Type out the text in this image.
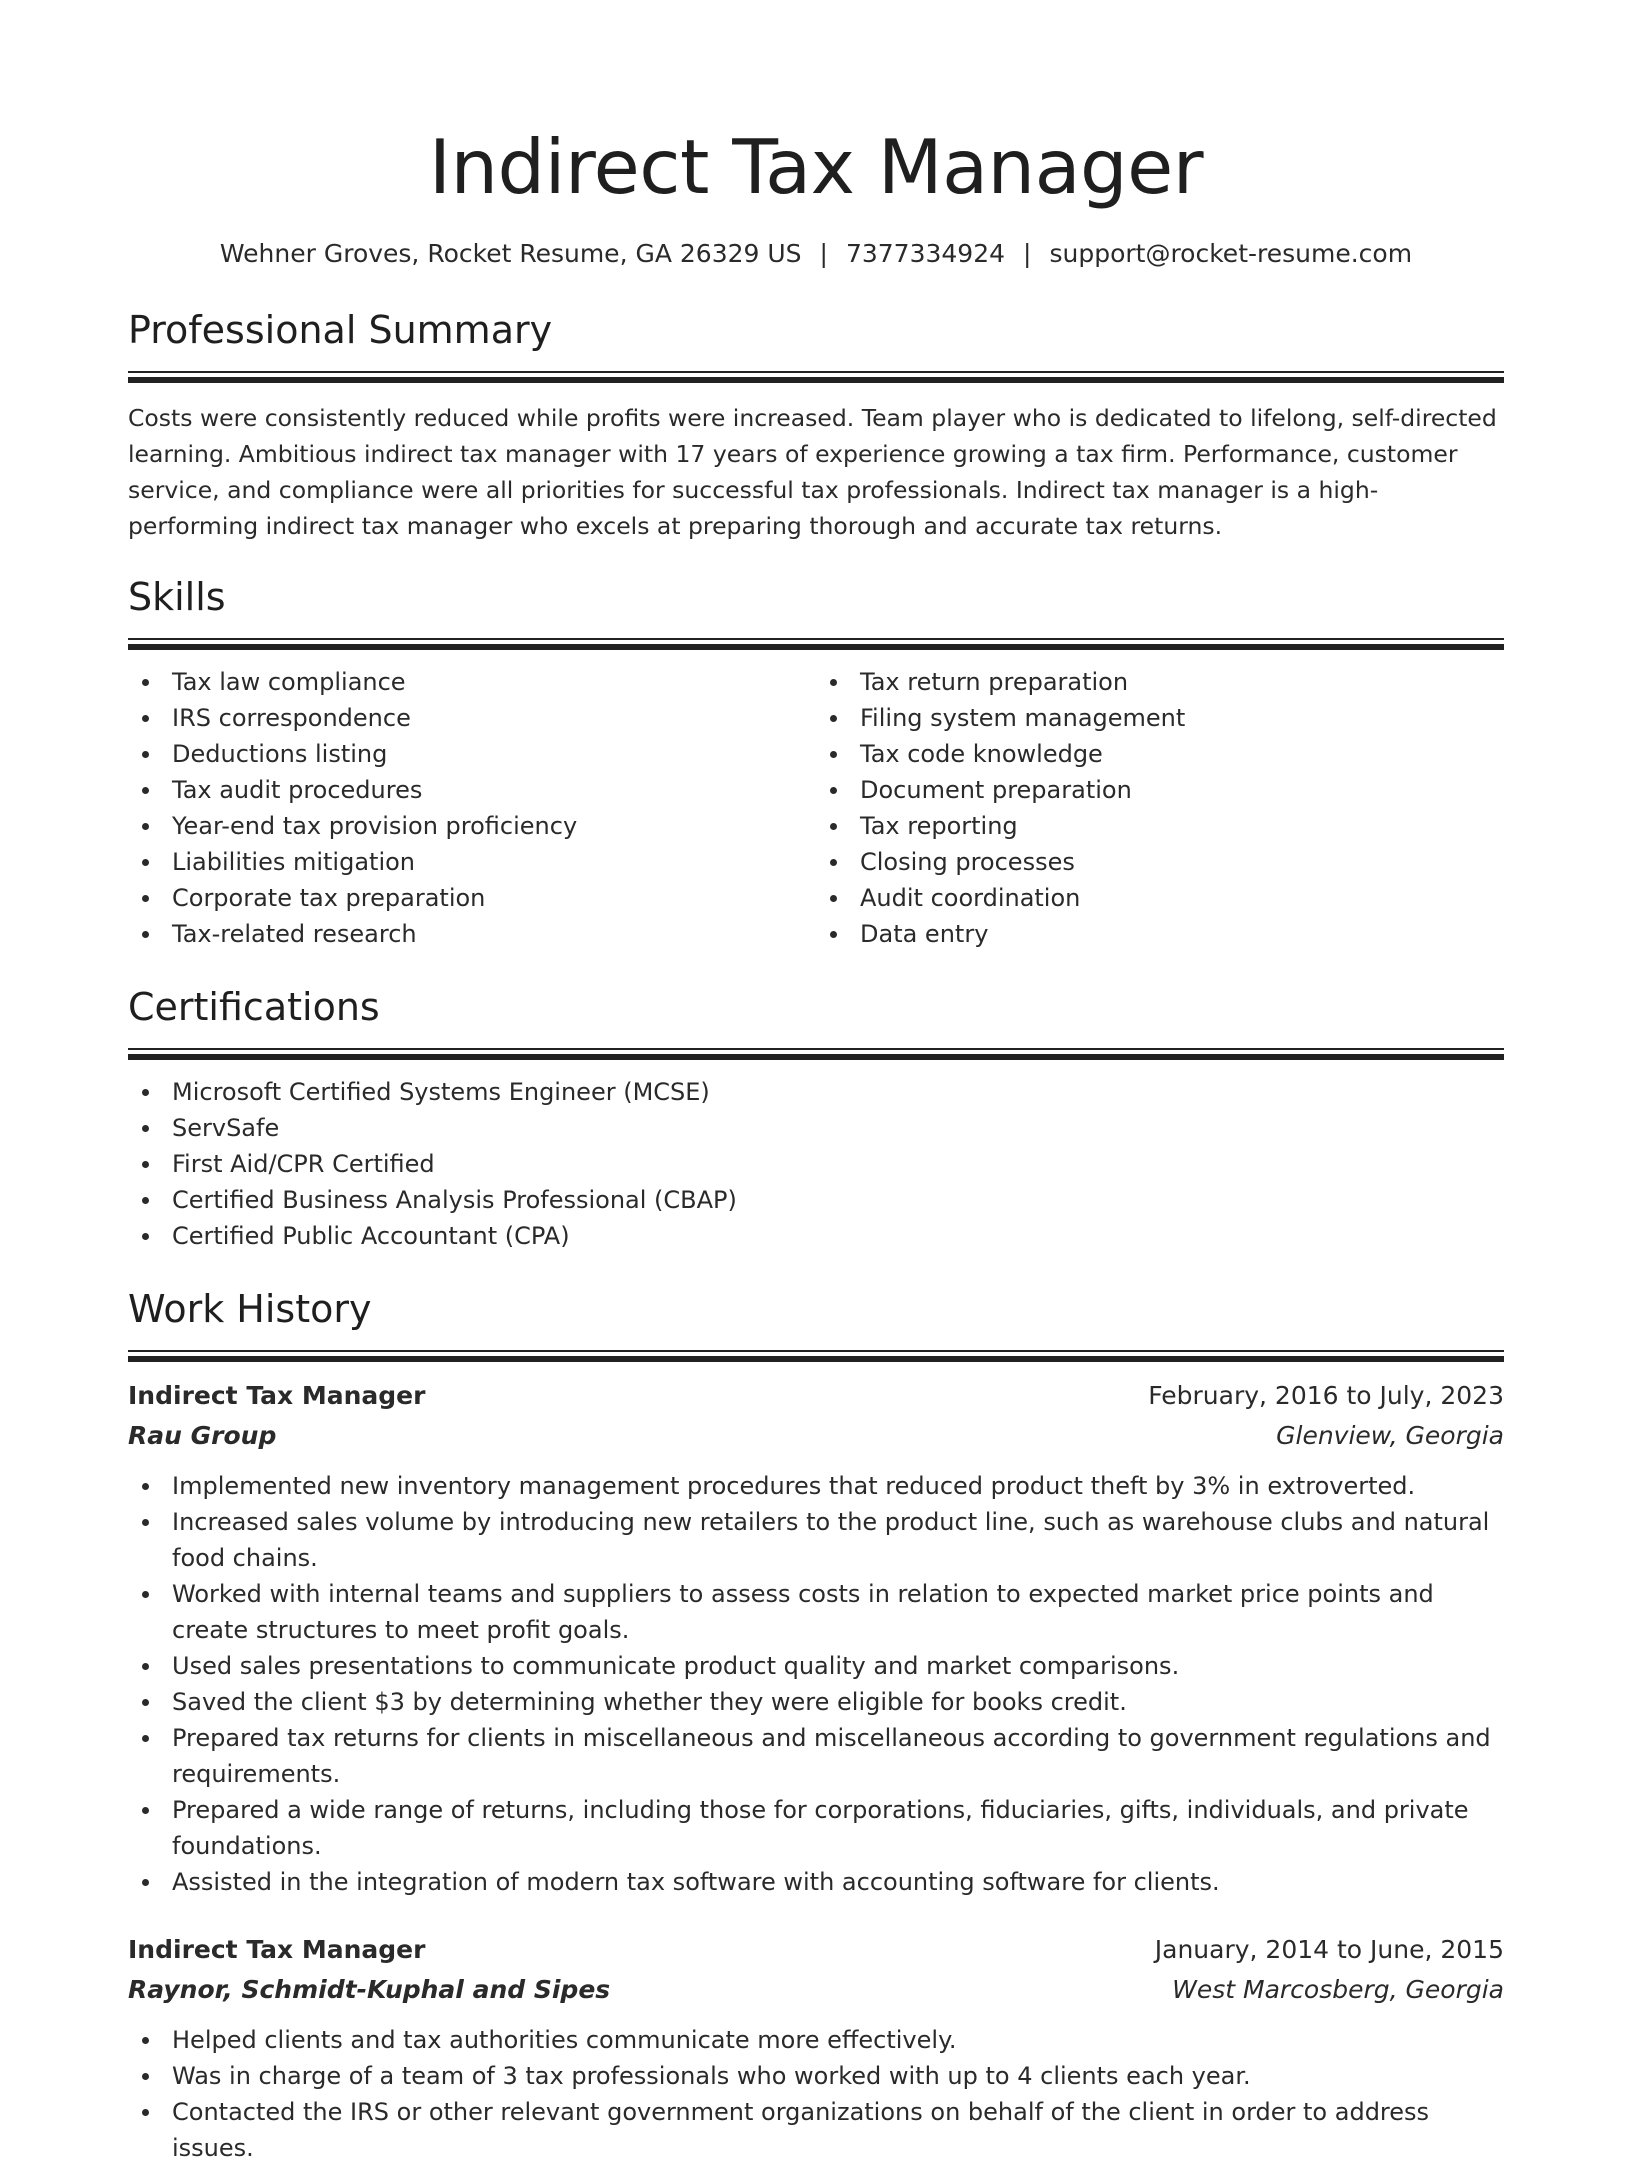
Indirect Tax Manager
Wehner Groves, Rocket Resume, GA 26329 US | 7377334924 | support@rocket-resume.com
Professional Summary

Costs were consistently reduced while profits were increased. Team player who is dedicated to lifelong, self-directed learning. Ambitious indirect tax manager with 17 years of experience growing a tax firm. Performance, customer service, and compliance were all priorities for successful tax professionals. Indirect tax manager is a high-performing indirect tax manager who excels at preparing thorough and accurate tax returns.

Skills
Tax law compliance
IRS correspondence
Deductions listing
Tax audit procedures
Year-end tax provision proficiency
Liabilities mitigation
Corporate tax preparation
Tax-related research
Tax return preparation
Filing system management
Tax code knowledge
Document preparation
Tax reporting
Closing processes
Audit coordination
Data entry
Certifications
Microsoft Certified Systems Engineer (MCSE)
ServSafe
First Aid/CPR Certified
Certified Business Analysis Professional (CBAP)
Certified Public Accountant (CPA)
Work History
Indirect Tax Manager	February, 2016 to July, 2023
Rau Group	Glenview, Georgia
Implemented new inventory management procedures that reduced product theft by 3% in extroverted.
Increased sales volume by introducing new retailers to the product line, such as warehouse clubs and natural food chains.
Worked with internal teams and suppliers to assess costs in relation to expected market price points and create structures to meet profit goals.
Used sales presentations to communicate product quality and market comparisons.
Saved the client $3 by determining whether they were eligible for books credit.
Prepared tax returns for clients in miscellaneous and miscellaneous according to government regulations and requirements.
Prepared a wide range of returns, including those for corporations, fiduciaries, gifts, individuals, and private foundations.
Assisted in the integration of modern tax software with accounting software for clients.
Indirect Tax Manager	January, 2014 to June, 2015
Raynor, Schmidt-Kuphal and Sipes	West Marcosberg, Georgia
Helped clients and tax authorities communicate more effectively.
Was in charge of a team of 3 tax professionals who worked with up to 4 clients each year.
Contacted the IRS or other relevant government organizations on behalf of the client in order to address issues.
